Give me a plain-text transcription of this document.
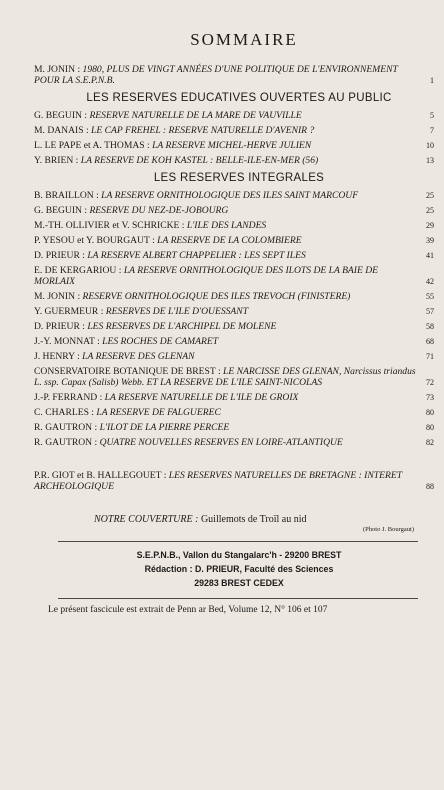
SOMMAIRE
M. JONIN : 1980, PLUS DE VINGT ANNÉES D'UNE POLITIQUE DE L'ENVIRONNEMENT POUR LA S.E.P.N.B.	1
LES RESERVES EDUCATIVES OUVERTES AU PUBLIC
G. BEGUIN : RESERVE NATURELLE DE LA MARE DE VAUVILLE	5
M. DANAIS : LE CAP FREHEL : RESERVE NATURELLE D'AVENIR ?	7
L. LE PAPE et A. THOMAS : LA RESERVE MICHEL-HERVE JULIEN	10
Y. BRIEN : LA RESERVE DE KOH KASTEL : BELLE-ILE-EN-MER (56)	13
LES RESERVES INTEGRALES
B. BRAILLON : LA RESERVE ORNITHOLOGIQUE DES ILES SAINT MARCOUF	25
G. BEGUIN : RESERVE DU NEZ-DE-JOBOURG	25
M.-TH. OLLIVIER et V. SCHRICKE : L'ILE DES LANDES	29
P. YESOU et Y. BOURGAUT : LA RESERVE DE LA COLOMBIERE	39
D. PRIEUR : LA RESERVE ALBERT CHAPPELIER : LES SEPT ILES	41
E. DE KERGARIOU : LA RESERVE ORNITHOLOGIQUE DES ILOTS DE LA BAIE DE MORLAIX	42
M. JONIN : RESERVE ORNITHOLOGIQUE DES ILES TREVOCH (FINISTERE)	55
Y. GUERMEUR : RESERVES DE L'ILE D'OUESSANT	57
D. PRIEUR : LES RESERVES DE L'ARCHIPEL DE MOLENE	58
J.-Y. MONNAT : LES ROCHES DE CAMARET	68
J. HENRY : LA RESERVE DES GLENAN	71
CONSERVATOIRE BOTANIQUE DE BREST : LE NARCISSE DES GLENAN, Narcissus triandus L. ssp. Capax (Salisb) Webb. ET LA RESERVE DE L'ILE SAINT-NICOLAS	72
J.-P. FERRAND : LA RESERVE NATURELLE DE L'ILE DE GROIX	73
C. CHARLES : LA RESERVE DE FALGUEREC	80
R. GAUTRON : L'ILOT DE LA PIERRE PERCEE	80
R. GAUTRON : QUATRE NOUVELLES RESERVES EN LOIRE-ATLANTIQUE	82
P.R. GIOT et B. HALLEGOUET : LES RESERVES NATURELLES DE BRETAGNE : INTERET ARCHEOLOGIQUE	88
NOTRE COUVERTURE : Guillemots de Troïl au nid
(Photo J. Bourgaut)
S.E.P.N.B., Vallon du Stangalarc'h - 29200 BREST
Rédaction : D. PRIEUR, Faculté des Sciences
29283 BREST CEDEX
Le présent fascicule est extrait de Penn ar Bed, Volume 12, N° 106 et 107
